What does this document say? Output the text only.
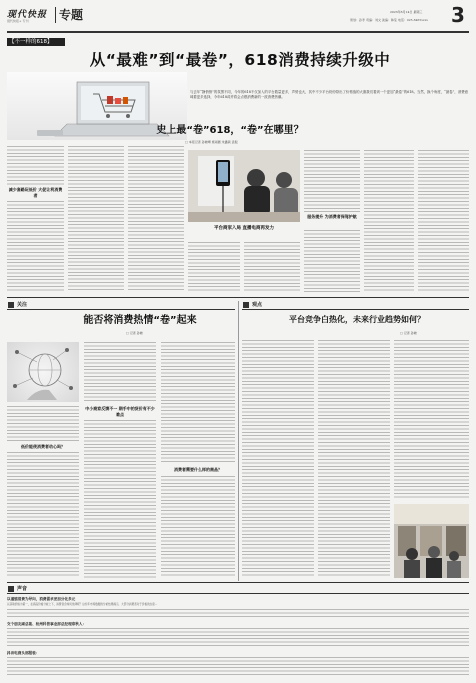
现代快报
现代快报+ 专刊	专题	2023年6月14日 星期三
策划：孙孝 责编：刘文 美编：韩莹 电话：025-8465xxxx 3
【不一样的618】
从“最难”到“最卷”，618消费持续升级中
与去年“静悄悄”的氛围不同，今年的618不仅加入的平台数量更多，声势也大，其中不少平台纷纷祭出了价格战的大旗我们看到一个更加“最卷”的618。当然，换个角度，“最卷”，消费意味着更多选择，今年618或许将会点燃消费新的一波消费热潮。
史上最“卷”618，“卷”在哪里？
□ 本报记者 孙晓晴 施雨薇 朱鑫颖 袁振
减少套路玩低价 大促让利消费者
平台商家入局 直播电商再发力
服务提升 为消费者保驾护航
关注
能否将消费热情“卷”起来
□ 记者 孙晓
低价能使消费者动心吗？
中小商家反馈不一 期手中的货价有不少难点
消费者需要什么样的商品？
观点
平台竞争白热化，未来行业趋势如何？
□ 记者 孙晓
声音
以谨慎消费为导向，消费需求更加分化多元
以获取价格为第一，在商品价格分析之下，消费者会如何选择呢？这些年市场数据的分析结果揭示，大部分消费者对于价格的态度...
交个朋友副总裁、杭州科普事业部总经理章秋人：
抖音电商头部服装：
